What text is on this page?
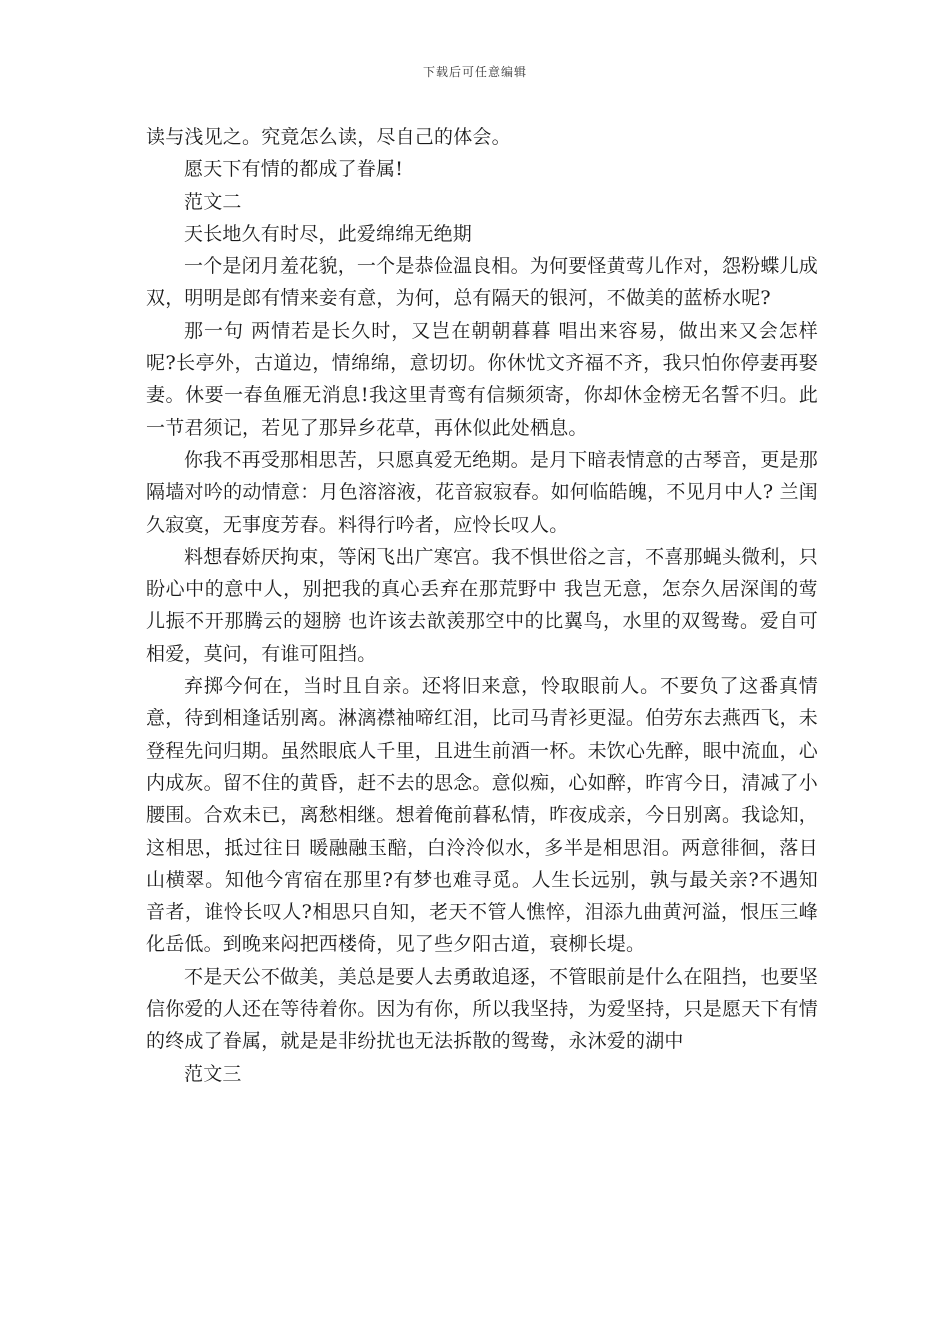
下载后可任意编辑

读与浅见之。究竟怎么读，尽自己的体会。

愿天下有情的都成了眷属!

范文二

天长地久有时尽，此爱绵绵无绝期

一个是闭月羞花貌，一个是恭俭温良相。为何要怪黄莺儿作对，怨粉蝶儿成双，明明是郎有情来妾有意，为何，总有隔天的银河，不做美的蓝桥水呢?

那一句 两情若是长久时，又岂在朝朝暮暮 唱出来容易，做出来又会怎样呢?长亭外，古道边，情绵绵，意切切。你休忧文齐福不齐，我只怕你停妻再娶妻。休要一春鱼雁无消息!我这里青鸾有信频须寄，你却休金榜无名誓不归。此一节君须记，若见了那异乡花草，再休似此处栖息。

你我不再受那相思苦，只愿真爱无绝期。是月下暗表情意的古琴音，更是那隔墙对吟的动情意：月色溶溶液，花音寂寂春。如何临皓魄，不见月中人? 兰闺久寂寞，无事度芳春。料得行吟者，应怜长叹人。

料想春娇厌拘束，等闲飞出广寒宫。我不惧世俗之言，不喜那蝇头微利，只盼心中的意中人，别把我的真心丢弃在那荒野中 我岂无意，怎奈久居深闺的莺儿振不开那腾云的翅膀 也许该去歆羡那空中的比翼鸟，水里的双鸳鸯。爱自可相爱，莫问，有谁可阻挡。

弃掷今何在，当时且自亲。还将旧来意，怜取眼前人。不要负了这番真情意，待到相逢话别离。淋漓襟袖啼红泪，比司马青衫更湿。伯劳东去燕西飞，未登程先问归期。虽然眼底人千里，且进生前酒一杯。未饮心先醉，眼中流血，心内成灰。留不住的黄昏，赶不去的思念。意似痴，心如醉，昨宵今日，清减了小腰围。合欢未已，离愁相继。想着俺前暮私情，昨夜成亲，今日别离。我谂知，这相思，抵过往日 暖融融玉醅，白泠泠似水，多半是相思泪。两意徘徊，落日山横翠。知他今宵宿在那里?有梦也难寻觅。人生长远别，孰与最关亲?不遇知音者，谁怜长叹人?相思只自知，老天不管人憔悴，泪添九曲黄河溢，恨压三峰化岳低。到晚来闷把西楼倚，见了些夕阳古道，衰柳长堤。

不是天公不做美，美总是要人去勇敢追逐，不管眼前是什么在阻挡，也要坚信你爱的人还在等待着你。因为有你，所以我坚持，为爱坚持，只是愿天下有情的终成了眷属，就是是非纷扰也无法拆散的鸳鸯，永沐爱的湖中

范文三
